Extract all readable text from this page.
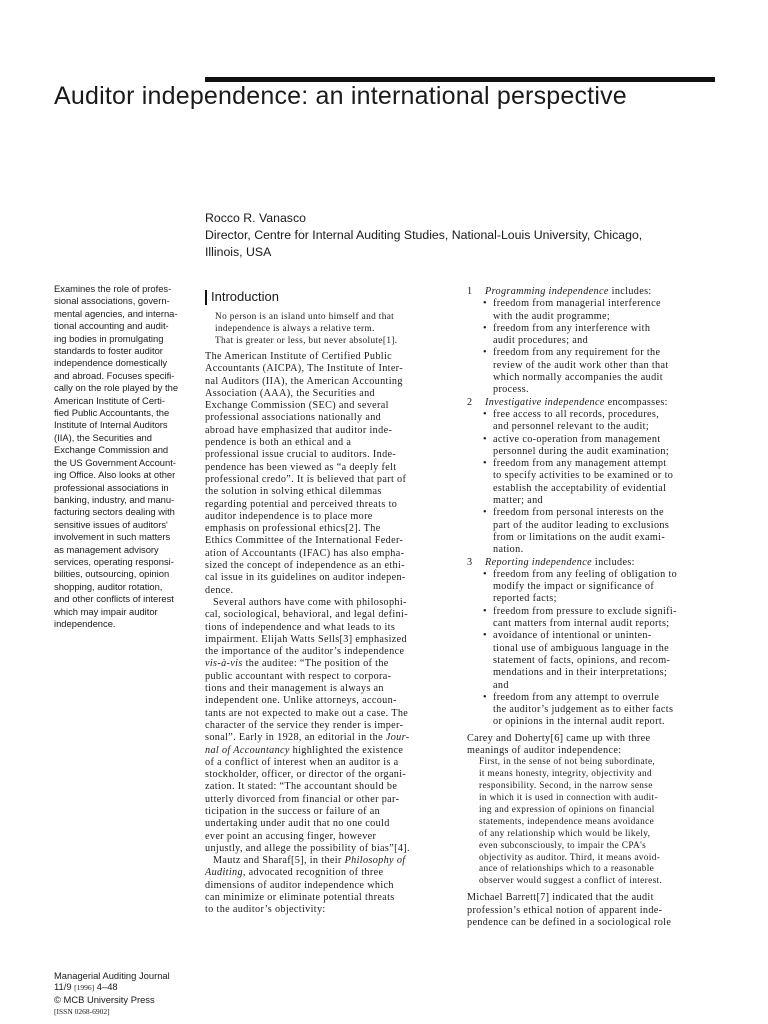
Auditor independence: an international perspective
Rocco R. Vanasco
Director, Centre for Internal Auditing Studies, National-Louis University, Chicago,
Illinois, USA
Examines the role of profes-
sional associations, govern-
mental agencies, and interna-
tional accounting and audit-
ing bodies in promulgating
standards to foster auditor
independence domestically
and abroad. Focuses specifi-
cally on the role played by the
American Institute of Certi-
fied Public Accountants, the
Institute of Internal Auditors
(IIA), the Securities and
Exchange Commission and
the US Government Account-
ing Office. Also looks at other
professional associations in
banking, industry, and manu-
facturing sectors dealing with
sensitive issues of auditors'
involvement in such matters
as management advisory
services, operating responsi-
bilities, outsourcing, opinion
shopping, auditor rotation,
and other conflicts of interest
which may impair auditor
independence.
Managerial Auditing Journal
11/9 [1996] 4–48
© MCB University Press
[ISSN 0268-6902]
Introduction
No person is an island unto himself and that
independence is always a relative term.
That is greater or less, but never absolute[1].
The American Institute of Certified Public
Accountants (AICPA), The Institute of Inter-
nal Auditors (IIA), the American Accounting
Association (AAA), the Securities and
Exchange Commission (SEC) and several
professional associations nationally and
abroad have emphasized that auditor inde-
pendence is both an ethical and a
professional issue crucial to auditors. Inde-
pendence has been viewed as “a deeply felt
professional credo”. It is believed that part of
the solution in solving ethical dilemmas
regarding potential and perceived threats to
auditor independence is to place more
emphasis on professional ethics[2]. The
Ethics Committee of the International Feder-
ation of Accountants (IFAC) has also empha-
sized the concept of independence as an ethi-
cal issue in its guidelines on auditor indepen-
dence.
Several authors have come with philosophi-
cal, sociological, behavioral, and legal defini-
tions of independence and what leads to its
impairment. Elijah Watts Sells[3] emphasized
the importance of the auditor’s independence
vis-à-vis the auditee: “The position of the
public accountant with respect to corpora-
tions and their management is always an
independent one. Unlike attorneys, accoun-
tants are not expected to make out a case. The
character of the service they render is imper-
sonal”. Early in 1928, an editorial in the Jour-
nal of Accountancy highlighted the existence
of a conflict of interest when an auditor is a
stockholder, officer, or director of the organi-
zation. It stated: “The accountant should be
utterly divorced from financial or other par-
ticipation in the success or failure of an
undertaking under audit that no one could
ever point an accusing finger, however
unjustly, and allege the possibility of bias”[4].
Mautz and Sharaf[5], in their Philosophy of
Auditing, advocated recognition of three
dimensions of auditor independence which
can minimize or eliminate potential threats
to the auditor’s objectivity:
1 Programming independence includes:
• freedom from managerial interference
with the audit programme;
• freedom from any interference with
audit procedures; and
• freedom from any requirement for the
review of the audit work other than that
which normally accompanies the audit
process.
2 Investigative independence encompasses:
• free access to all records, procedures,
and personnel relevant to the audit;
• active co-operation from management
personnel during the audit examination;
• freedom from any management attempt
to specify activities to be examined or to
establish the acceptability of evidential
matter; and
• freedom from personal interests on the
part of the auditor leading to exclusions
from or limitations on the audit exami-
nation.
3 Reporting independence includes:
• freedom from any feeling of obligation to
modify the impact or significance of
reported facts;
• freedom from pressure to exclude signifi-
cant matters from internal audit reports;
• avoidance of intentional or uninten-
tional use of ambiguous language in the
statement of facts, opinions, and recom-
mendations and in their interpretations;
and
• freedom from any attempt to overrule
the auditor’s judgement as to either facts
or opinions in the internal audit report.
Carey and Doherty[6] came up with three
meanings of auditor independence:
First, in the sense of not being subordinate,
it means honesty, integrity, objectivity and
responsibility. Second, in the narrow sense
in which it is used in connection with audit-
ing and expression of opinions on financial
statements, independence means avoidance
of any relationship which would be likely,
even subconsciously, to impair the CPA's
objectivity as auditor. Third, it means avoid-
ance of relationships which to a reasonable
observer would suggest a conflict of interest.
Michael Barrett[7] indicated that the audit
profession’s ethical notion of apparent inde-
pendence can be defined in a sociological role
